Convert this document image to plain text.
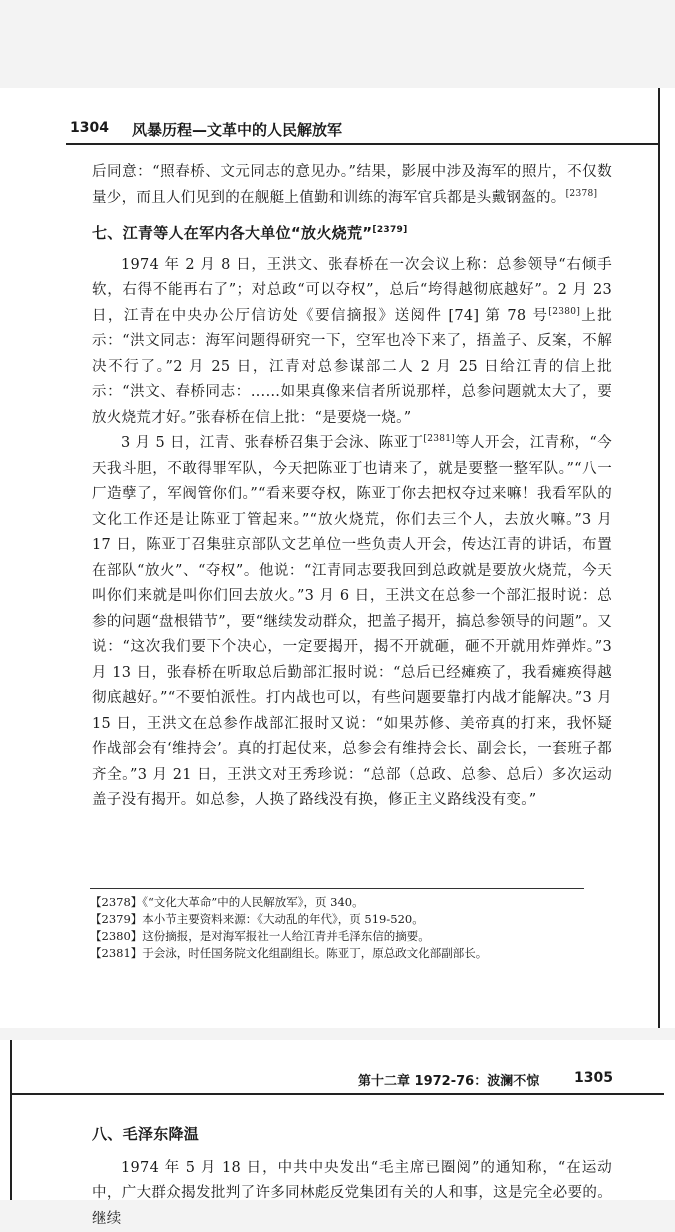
1304 风暴历程—文革中的人民解放军

后同意：“照春桥、文元同志的意见办。”结果，影展中涉及海军的照片，不仅数量少，而且人们见到的在舰艇上值勤和训练的海军官兵都是头戴钢盔的。[2378]

七、江青等人在军内各大单位“放火烧荒”[2379]

1974 年 2 月 8 日，王洪文、张春桥在一次会议上称：总参领导“右倾手软，右得不能再右了”；对总政“可以夺权”，总后“垮得越彻底越好”。2 月 23 日，江青在中央办公厅信访处《要信摘报》送阅件 [74] 第 78 号[2380]上批示：“洪文同志：海军问题得研究一下，空军也冷下来了，捂盖子、反案，不解决不行了。”2 月 25 日，江青对总参谋部二人 2 月 25 日给江青的信上批示：“洪文、春桥同志：……如果真像来信者所说那样，总参问题就太大了，要放火烧荒才好。”张春桥在信上批：“是要烧一烧。”

3 月 5 日，江青、张春桥召集于会泳、陈亚丁[2381]等人开会，江青称，“今天我斗胆，不敢得罪军队，今天把陈亚丁也请来了，就是要整一整军队。”“八一厂造孽了，军阀管你们。”“看来要夺权，陈亚丁你去把权夺过来嘛！我看军队的文化工作还是让陈亚丁管起来。”“放火烧荒，你们去三个人，去放火嘛。”3 月 17 日，陈亚丁召集驻京部队文艺单位一些负责人开会，传达江青的讲话，布置在部队“放火”、“夺权”。他说：“江青同志要我回到总政就是要放火烧荒，今天叫你们来就是叫你们回去放火。”3 月 6 日，王洪文在总参一个部汇报时说：总参的问题“盘根错节”，要“继续发动群众，把盖子揭开，搞总参领导的问题”。又说：“这次我们要下个决心，一定要揭开，揭不开就砸，砸不开就用炸弹炸。”3 月 13 日，张春桥在听取总后勤部汇报时说：“总后已经瘫痪了，我看瘫痪得越彻底越好。”“不要怕派性。打内战也可以，有些问题要靠打内战才能解决。”3 月 15 日，王洪文在总参作战部汇报时又说：“如果苏修、美帝真的打来，我怀疑作战部会有‘维持会’。真的打起仗来，总参会有维持会长、副会长，一套班子都齐全。”3 月 21 日，王洪文对王秀珍说：“总部（总政、总参、总后）多次运动盖子没有揭开。如总参，人换了路线没有换，修正主义路线没有变。”

【2378】《“文化大革命”中的人民解放军》，页 340。
【2379】本小节主要资料来源：《大动乱的年代》，页 519-520。
【2380】这份摘报，是对海军报社一人给江青并毛泽东信的摘要。
【2381】于会泳，时任国务院文化组副组长。陈亚丁，原总政文化部副部长。
第十二章 1972-76：波澜不惊 1305

八、毛泽东降温

1974 年 5 月 18 日，中共中央发出“毛主席已圈阅”的通知称，“在运动中，广大群众揭发批判了许多同林彪反党集团有关的人和事，这是完全必要的。继续
